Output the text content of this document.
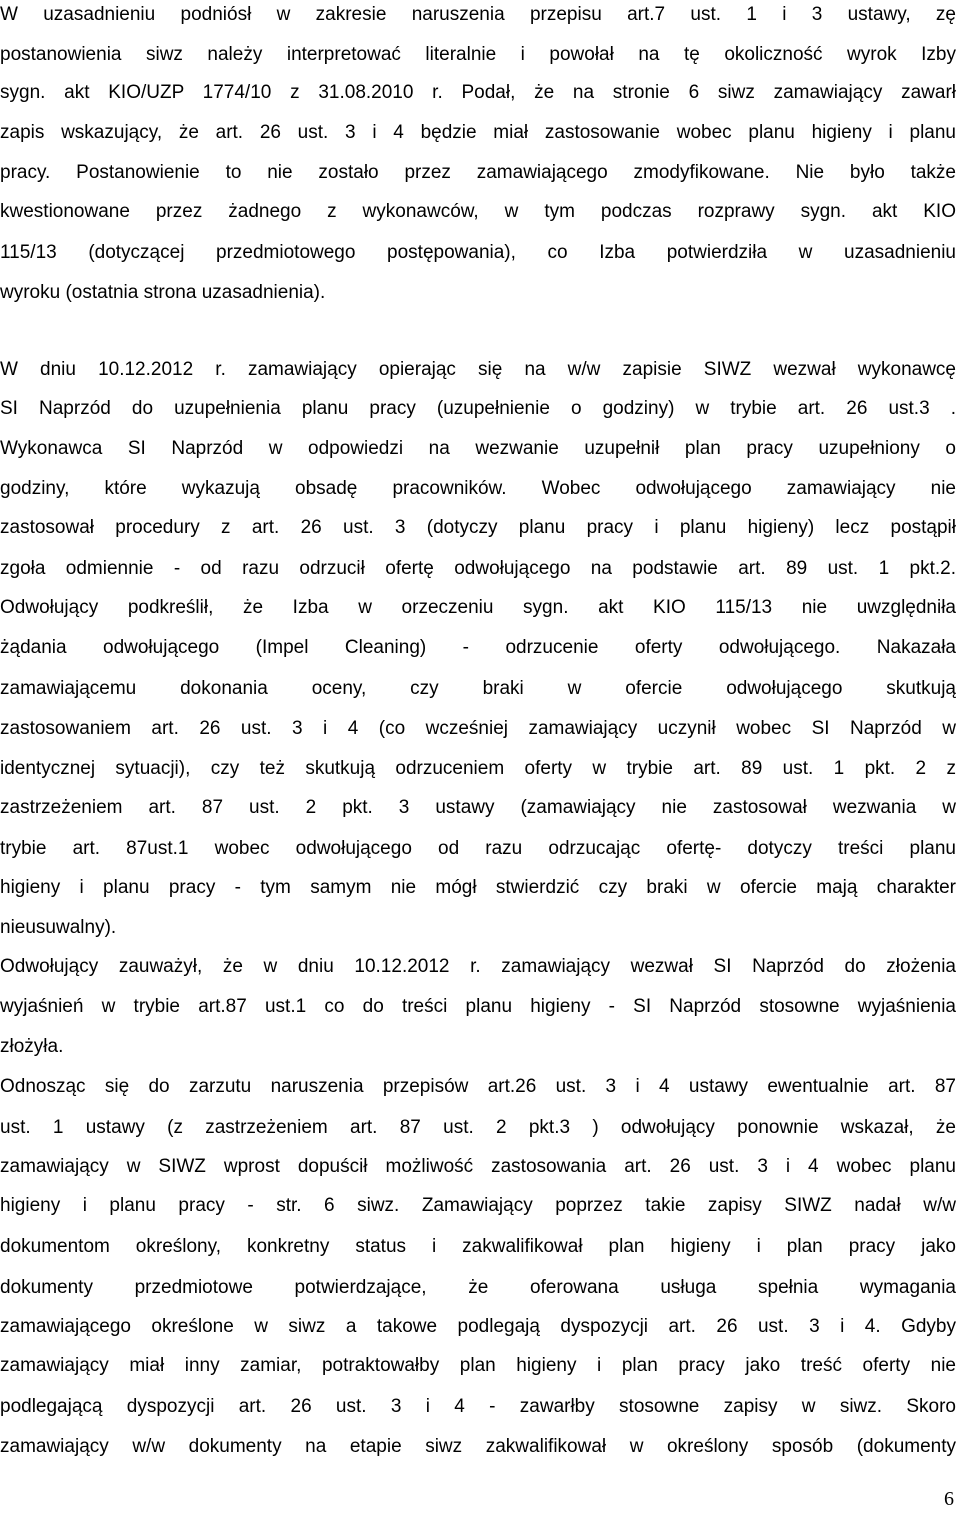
W uzasadnieniu podniósł w zakresie naruszenia przepisu art.7 ust. 1 i 3 ustawy, zę
postanowienia siwz należy interpretować literalnie i powołał na tę okoliczność wyrok Izby
sygn. akt KIO/UZP 1774/10 z 31.08.2010 r. Podał, że na stronie 6 siwz zamawiający zawarł
zapis wskazujący, że art. 26 ust. 3 i 4 będzie miał zastosowanie wobec planu higieny i planu
pracy. Postanowienie to nie zostało przez zamawiającego zmodyfikowane. Nie było także
kwestionowane przez żadnego z wykonawców, w tym podczas rozprawy sygn. akt KIO
115/13 (dotyczącej przedmiotowego postępowania), co Izba potwierdziła w uzasadnieniu
wyroku (ostatnia strona uzasadnienia).
W dniu 10.12.2012 r. zamawiający opierając się na w/w zapisie SIWZ wezwał wykonawcę
SI Naprzód do uzupełnienia planu pracy (uzupełnienie o godziny) w trybie art. 26 ust.3 .
Wykonawca SI Naprzód w odpowiedzi na wezwanie uzupełnił plan pracy uzupełniony o
godziny, które wykazują obsadę pracowników. Wobec odwołującego zamawiający nie
zastosował procedury z art. 26 ust. 3 (dotyczy planu pracy i planu higieny) lecz postąpił
zgoła odmiennie - od razu odrzucił ofertę odwołującego na podstawie art. 89 ust. 1 pkt.2.
Odwołujący podkreślił, że Izba w orzeczeniu sygn. akt KIO 115/13 nie uwzględniła
żądania odwołującego (Impel Cleaning) - odrzucenie oferty odwołującego. Nakazała
zamawiającemu dokonania oceny, czy braki w ofercie odwołującego skutkują
zastosowaniem art. 26 ust. 3 i 4 (co wcześniej zamawiający uczynił wobec SI Naprzód w
identycznej sytuacji), czy też skutkują odrzuceniem oferty w trybie art. 89 ust. 1 pkt. 2 z
zastrzeżeniem art. 87 ust. 2 pkt. 3 ustawy (zamawiający nie zastosował wezwania w
trybie art. 87ust.1 wobec odwołującego od razu odrzucając ofertę- dotyczy treści planu
higieny i planu pracy - tym samym nie mógł stwierdzić czy braki w ofercie mają charakter
nieusuwalny).
Odwołujący zauważył, że w dniu 10.12.2012 r. zamawiający wezwał SI Naprzód do złożenia
wyjaśnień w trybie art.87 ust.1 co do treści planu higieny - SI Naprzód stosowne wyjaśnienia
złożyła.
Odnosząc się do zarzutu naruszenia przepisów art.26 ust. 3 i 4 ustawy ewentualnie art. 87
ust. 1 ustawy (z zastrzeżeniem art. 87 ust. 2 pkt.3 ) odwołujący ponownie wskazał, że
zamawiający w SIWZ wprost dopuścił możliwość zastosowania art. 26 ust. 3 i 4 wobec planu
higieny i planu pracy - str. 6 siwz. Zamawiający poprzez takie zapisy SIWZ nadał w/w
dokumentom określony, konkretny status i zakwalifikował plan higieny i plan pracy jako
dokumenty przedmiotowe potwierdzające, że oferowana usługa spełnia wymagania
zamawiającego określone w siwz a takowe podlegają dyspozycji art. 26 ust. 3 i 4. Gdyby
zamawiający miał inny zamiar, potraktowałby plan higieny i plan pracy jako treść oferty nie
podlegającą dyspozycji art. 26 ust. 3 i 4 - zawarłby stosowne zapisy w siwz. Skoro
zamawiający w/w dokumenty na etapie siwz zakwalifikował w określony sposób (dokumenty
6
